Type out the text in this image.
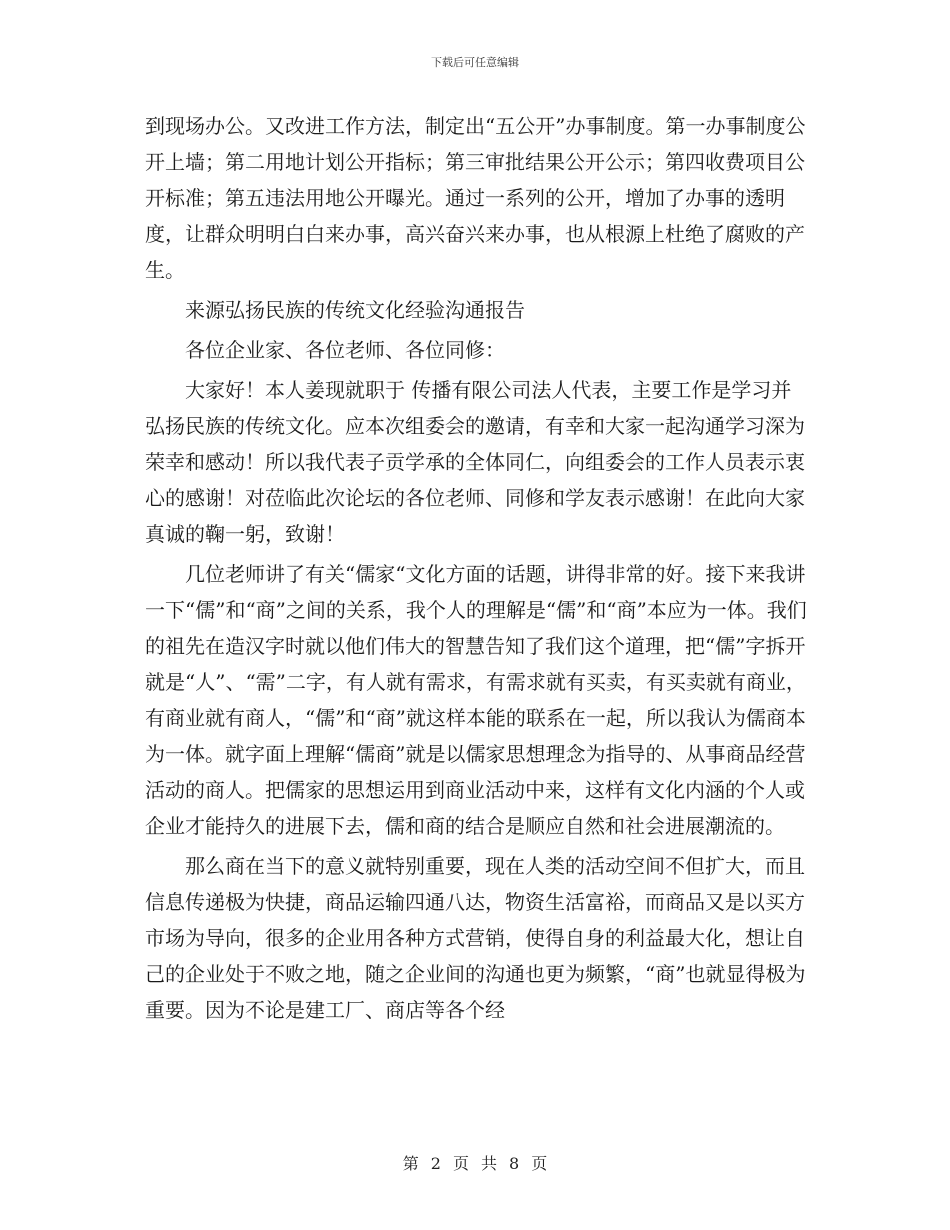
下载后可任意编辑

到现场办公。又改进工作方法，制定出“五公开”办事制度。第一办事制度公开上墙；第二用地计划公开指标；第三审批结果公开公示；第四收费项目公开标准；第五违法用地公开曝光。通过一系列的公开，增加了办事的透明度，让群众明明白白来办事，高兴奋兴来办事，也从根源上杜绝了腐败的产生。

来源弘扬民族的传统文化经验沟通报告

各位企业家、各位老师、各位同修：

大家好！本人姜现就职于 传播有限公司法人代表，主要工作是学习并弘扬民族的传统文化。应本次组委会的邀请，有幸和大家一起沟通学习深为荣幸和感动！所以我代表子贡学承的全体同仁，向组委会的工作人员表示衷心的感谢！对莅临此次论坛的各位老师、同修和学友表示感谢！在此向大家真诚的鞠一躬，致谢！

几位老师讲了有关“儒家“文化方面的话题，讲得非常的好。接下来我讲一下“儒”和“商”之间的关系，我个人的理解是“儒”和“商”本应为一体。我们的祖先在造汉字时就以他们伟大的智慧告知了我们这个道理，把“儒”字拆开就是“人”、“需”二字，有人就有需求，有需求就有买卖，有买卖就有商业，有商业就有商人，“儒”和“商”就这样本能的联系在一起，所以我认为儒商本为一体。就字面上理解“儒商”就是以儒家思想理念为指导的、从事商品经营活动的商人。把儒家的思想运用到商业活动中来，这样有文化内涵的个人或企业才能持久的进展下去，儒和商的结合是顺应自然和社会进展潮流的。

那么商在当下的意义就特别重要，现在人类的活动空间不但扩大，而且信息传递极为快捷，商品运输四通八达，物资生活富裕，而商品又是以买方市场为导向，很多的企业用各种方式营销，使得自身的利益最大化，想让自己的企业处于不败之地，随之企业间的沟通也更为频繁，“商”也就显得极为重要。因为不论是建工厂、商店等各个经

第 2 页 共 8 页
